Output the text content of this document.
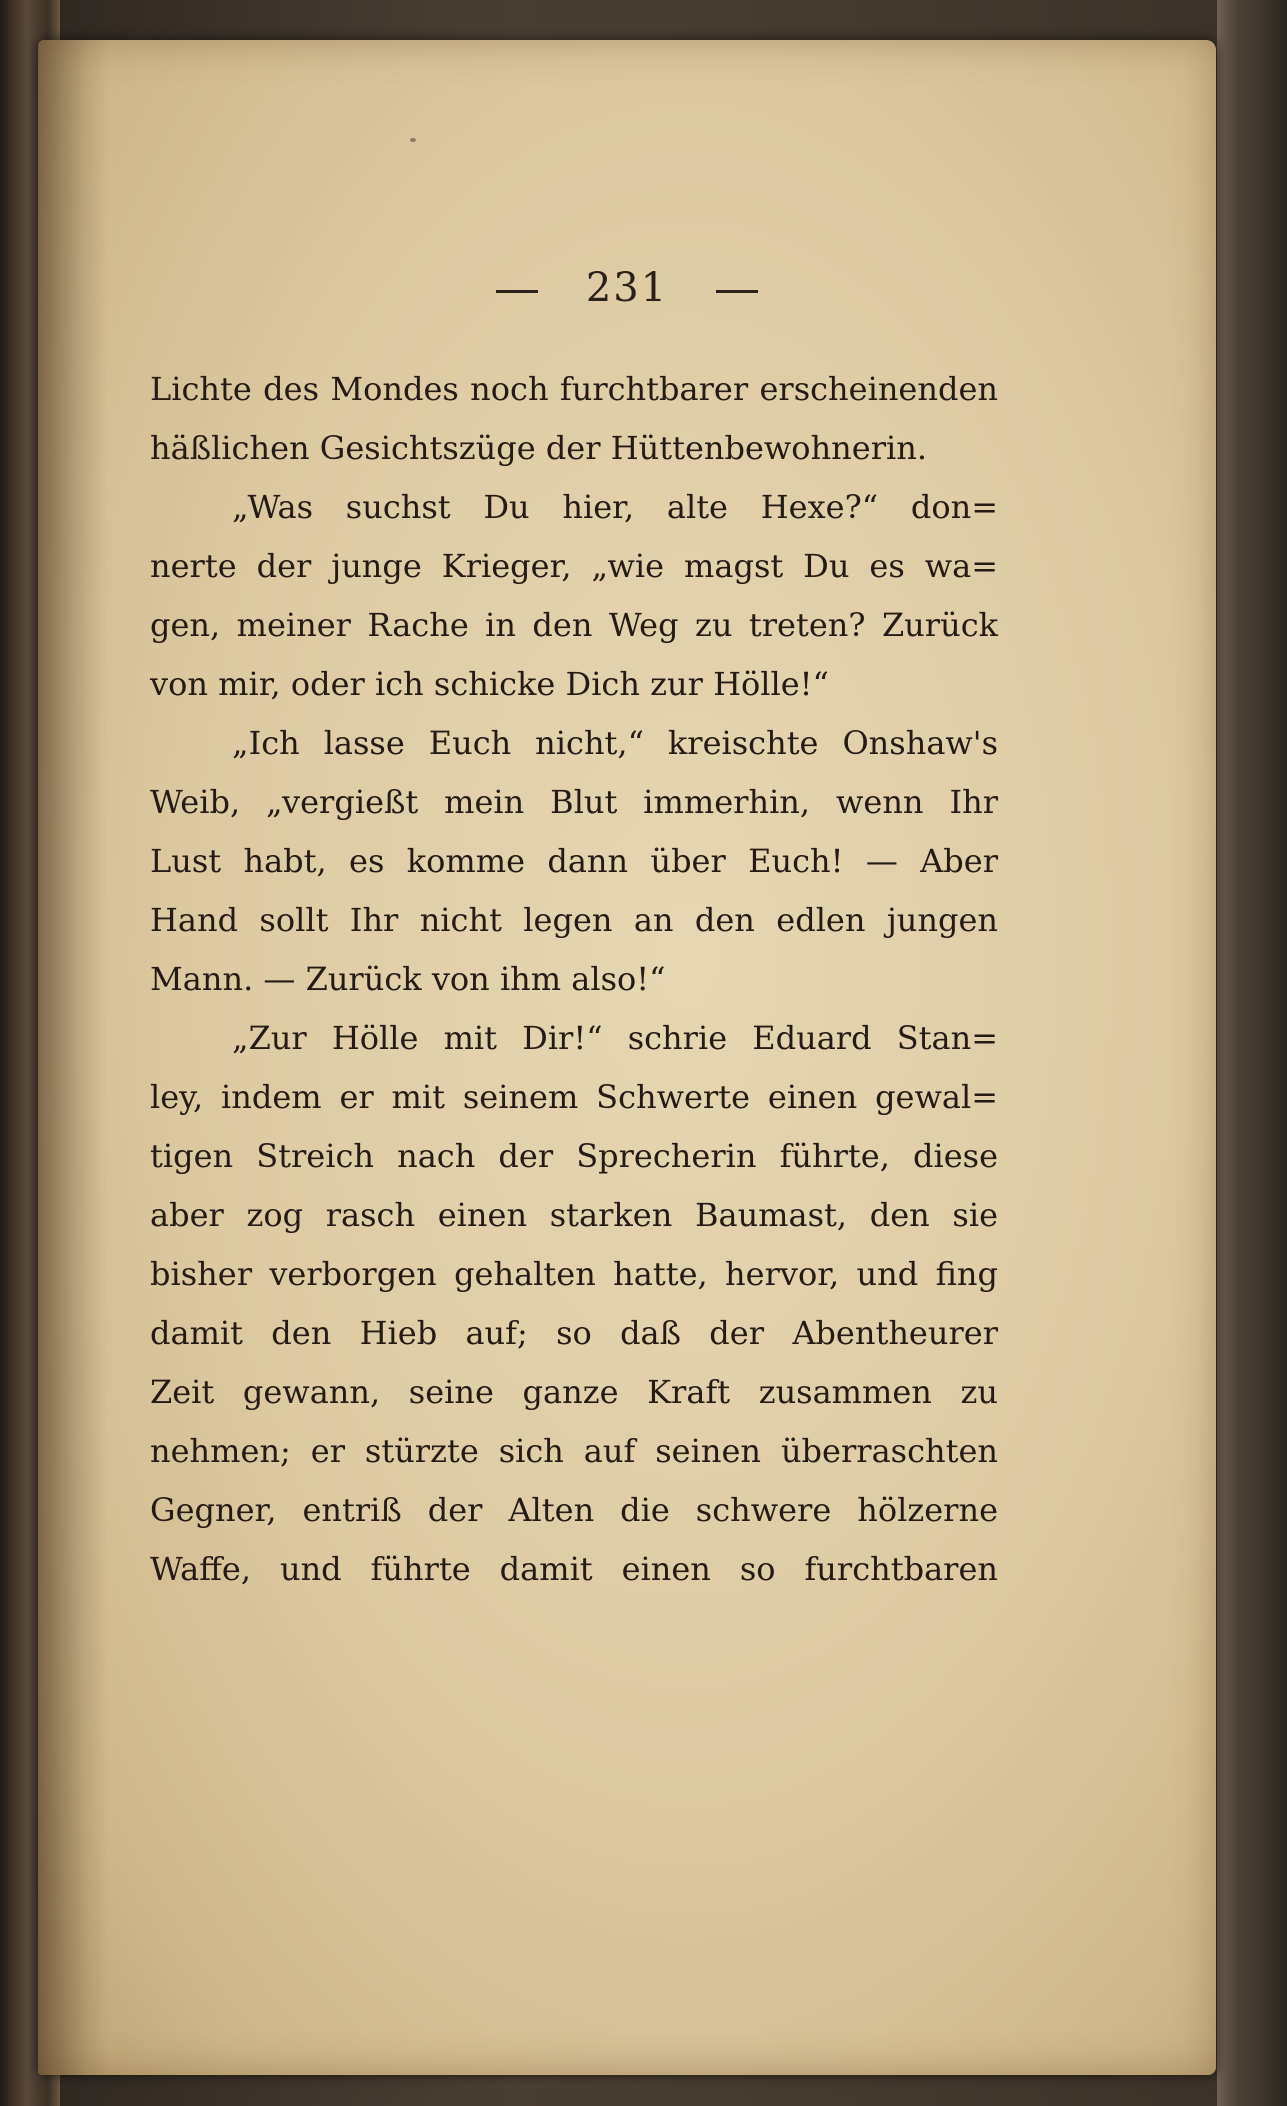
231
Lichte des Mondes noch furchtbarer erscheinenden
häßlichen Gesichtszüge der Hüttenbewohnerin.
„Was suchst Du hier, alte Hexe?“ don=
nerte der junge Krieger, „wie magst Du es wa=
gen, meiner Rache in den Weg zu treten? Zurück
von mir, oder ich schicke Dich zur Hölle!“
„Ich lasse Euch nicht,“ kreischte Onshaw's
Weib, „vergießt mein Blut immerhin, wenn Ihr
Lust habt, es komme dann über Euch! — Aber
Hand sollt Ihr nicht legen an den edlen jungen
Mann. — Zurück von ihm also!“
„Zur Hölle mit Dir!“ schrie Eduard Stan=
ley, indem er mit seinem Schwerte einen gewal=
tigen Streich nach der Sprecherin führte, diese
aber zog rasch einen starken Baumast, den sie
bisher verborgen gehalten hatte, hervor, und fing
damit den Hieb auf; so daß der Abentheurer
Zeit gewann, seine ganze Kraft zusammen zu
nehmen; er stürzte sich auf seinen überraschten
Gegner, entriß der Alten die schwere hölzerne
Waffe, und führte damit einen so furchtbaren
